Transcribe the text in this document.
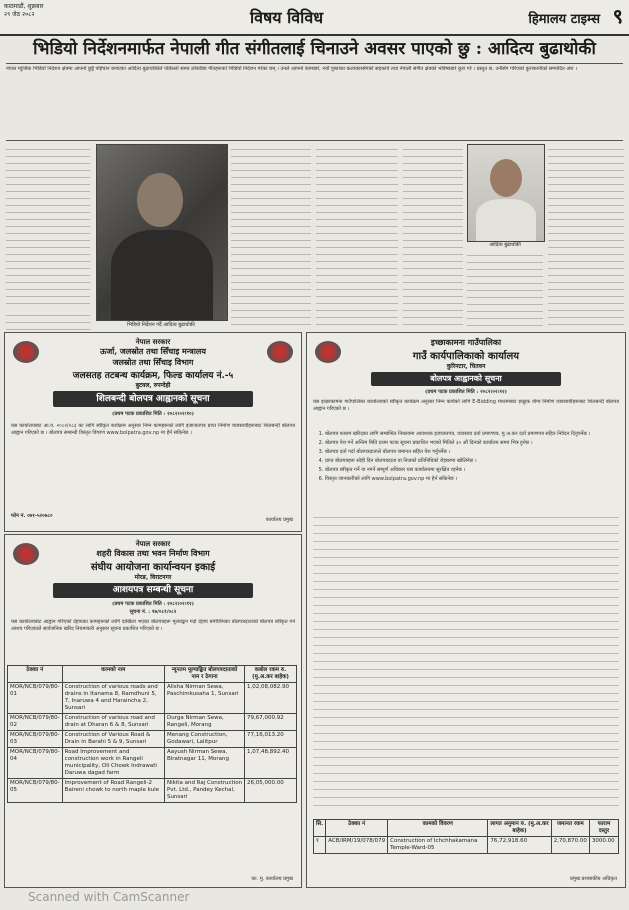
काठमाडौं, शुक्रबार
२९ जेठ २०८२	विषय विविध	हिमालय टाइम्स ९
भिडियो निर्देशनमार्फत नेपाली गीत संगीतलाई चिनाउने अवसर पाएको छु : आदित्य बुढाथोकी

नेपाल म्युजिक भिडियो निर्देशन क्षेत्रमा आफ्नो छुट्टै पहिचान बनाएका आदित्य बुढाथोकीले पछिल्लो समय लोकप्रिय गीतहरूको भिडियो निर्देशन गरेका छन् । उनले आफ्नो कामबारे, नयाँ पुस्ताका कलाकारसँगको सहकार्य तथा नेपाली संगीत क्षेत्रको भविष्यबारे कुरा गरे । प्रस्तुत छ, उनीसँग गरिएको कुराकानीको सम्पादित अंश ।

भिडियो निर्देशन गर्दै आदित्य बुढाथोकी
आदित्य बुढाथोकी
नेपाल सरकार
ऊर्जा, जलस्रोत तथा सिँचाइ मन्त्रालय
जलस्रोत तथा सिँचाइ विभाग
जलसतह तटबन्ध कार्यक्रम, फिल्ड कार्यालय नं.-५
बुटवल, रुपन्देही
शिलबन्दी बोलपत्र आह्वानको सूचना
(प्रथम पटक प्रकाशित मिति : २०८२।०२।१०)
यस कार्यालयबाट आ.व. २०८२/०८३ का लागि स्वीकृत कार्यक्रम अनुसार निम्न कामहरूको लागि इजाजतपत्र प्राप्त निर्माण व्यवसायीहरूबाट शिलबन्दी बोलपत्र आह्वान गरिएको छ । बोलपत्र सम्बन्धी विस्तृत विवरण www.bolpatra.gov.np मा हेर्न सकिनेछ ।
फोन नं. ०७१-५२०७८०
कार्यालय प्रमुख
नेपाल सरकार
शहरी विकास तथा भवन निर्माण विभाग
संघीय आयोजना कार्यान्वयन इकाई
मोरङ, विराटनगर
आशयपत्र सम्बन्धी सूचना
(प्रथम पटक प्रकाशित मिति : २०८२।०२।१२)
सूचना नं. : १७/०८१/०८२
यस कार्यालयबाट आह्वान गरिएको देहायका कामहरूको लागि दाखिला भएका बोलपत्रहरू मूल्याङ्कन गर्दा देहाय बमोजिमका बोलपत्रदाताको बोलपत्र स्वीकृत गर्ने आशय गरिएकाले सार्वजनिक खरिद नियमावली अनुसार सूचना प्रकाशित गरिएको छ ।
ठेक्का नं	कामको नाम	न्यूनतम मूल्याङ्कित बोलपत्रदाताको नाम र ठेगाना	कबोल रकम रु. (मु.अ.कर बाहेक)
MOR/NCB/079/80-01	Construction of various roads and drains in Itanama 8, Ramdhuni 5, 7, Inaruwa 4 and Haraincha 2, Sunsari	Alisha Nirman Sewa, Paschimkusaha 1, Sunsari	1,02,08,082.90
MOR/NCB/079/80-02	Construction of various road and drain at Dharan 6 & 8, Sunsari	Durga Nirman Sewa, Rangeli, Morang	79,67,000.92
MOR/NCB/079/80-03	Construction of Various Road & Drain in Barahi 5 & 9, Sunsari	Menang Construction, Godawari, Lalitpur	77,16,013.20
MOR/NCB/079/80-04	Road Improvement and construction work in Rangeli municipality, Oli Chowk Indrawati Daruwa dagad farm	Aayush Nirman Sewa, Biratnagar 11, Morang	1,07,48,892.40
MOR/NCB/079/80-05	Improvement of Road Rangeli-2 Baireni chowk to north maple kule	Nikita and Raj Construction Pvt. Ltd., Pandey Kechal, Sunsari	26,05,000.00
का. मु. कार्यालय प्रमुख
इच्छाकामना गाउँपालिका
गाउँ कार्यपालिकाको कार्यालय
कुरिनटार, चितवन
बोलपत्र आह्वानको सूचना
(प्रथम पटक प्रकाशित मिति : २०८२।०२।१२)
यस इच्छाकामना गाउँपालिका कार्यालयको स्वीकृत कार्यक्रम अनुसार निम्न कार्यको लागि E-Bidding माध्यमबाट इच्छुक योग्य निर्माण व्यवसायीहरूबाट शिलबन्दी बोलपत्र आह्वान गरिएको छ ।
1. बोलपत्र फाराम खरिदका लागि सम्बन्धित निकायमा आवश्यक इजाजतपत्र, व्यवसाय दर्ता प्रमाणपत्र, मु.अ.कर दर्ता प्रमाणपत्र सहित निवेदन दिनुपर्नेछ ।
2. बोलपत्र पेश गर्ने अन्तिम मिति प्रथम पटक सूचना प्रकाशित भएको मितिले ३० औं दिनको कार्यालय समय भित्र हुनेछ ।
3. बोलपत्र दर्ता गर्दा बोलपत्रदाताले बोलपत्र जमानत सहित पेश गर्नुपर्नेछ ।
4. प्राप्त बोलपत्रहरू सोही दिन बोलपत्रदाता वा निजको प्रतिनिधिको रोहबरमा खोलिनेछ ।
5. बोलपत्र स्वीकृत गर्ने वा नगर्ने सम्पूर्ण अधिकार यस कार्यालयमा सुरक्षित रहनेछ ।
6. विस्तृत जानकारीको लागि www.bolpatra.gov.np मा हेर्न सकिनेछ ।
सि.	ठेक्का नं	कामको विवरण	लागत अनुमान रु. (मु.अ.कर बाहेक)	जमानत रकम	फाराम दस्तुर
१	ACB/IRM/19/078/079	Construction of Ichchhakamana Temple-Ward-05	76,72,918.60	2,70,870.00	3000.00
प्रमुख प्रशासकीय अधिकृत
Scanned with CamScanner
